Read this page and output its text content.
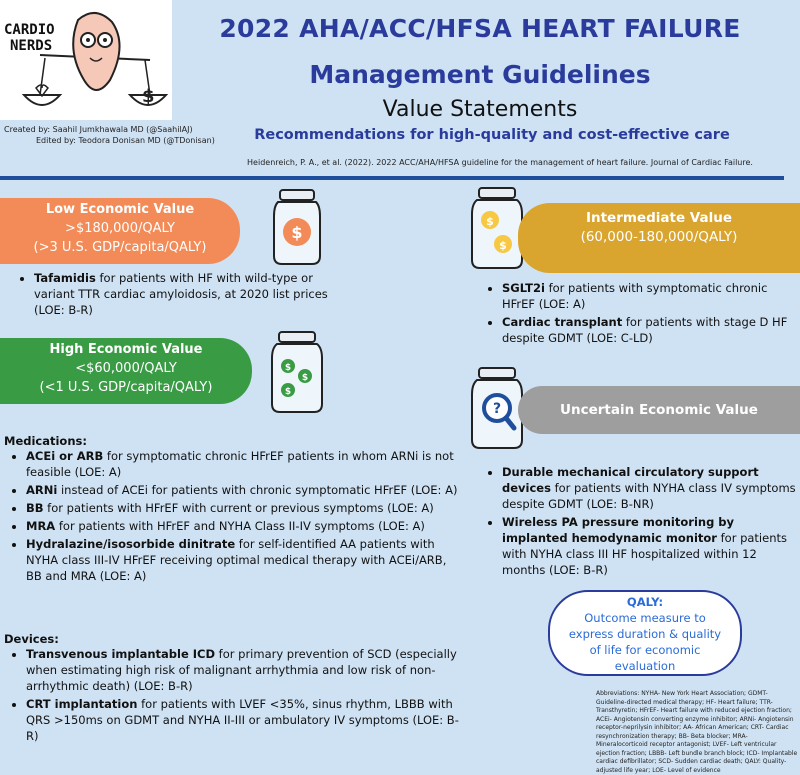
$
CARDIO
NERDS
Created by: Saahil Jumkhawala MD (@SaahilAJ)
Edited by: Teodora Donisan MD (@TDonisan)
2022 AHA/ACC/HFSA HEART FAILURE
Management Guidelines
Value Statements
Recommendations for high-quality and cost-effective care
Heidenreich, P. A., et al. (2022). 2022 ACC/AHA/HFSA guideline for the management of heart failure. Journal of Cardiac Failure.
Low Economic Value
>$180,000/QALY
(>3 U.S. GDP/capita/QALY)
$
• Tafamidis for patients with HF with wild-type or variant TTR cardiac amyloidosis, at 2020 list prices (LOE: B-R)
High Economic Value
<$60,000/QALY
(<1 U.S. GDP/capita/QALY)
$
$
$
Medications:
• ACEi or ARB for symptomatic chronic HFrEF patients in whom ARNi is not feasible (LOE: A)
• ARNi instead of ACEi for patients with chronic symptomatic HFrEF (LOE: A)
• BB for patients with HFrEF with current or previous symptoms (LOE: A)
• MRA for patients with HFrEF and NYHA Class II-IV symptoms (LOE: A)
• Hydralazine/isosorbide dinitrate for self-identified AA patients with NYHA class III-IV HFrEF receiving optimal medical therapy with ACEi/ARB, BB and MRA (LOE: A)
Devices:
• Transvenous implantable ICD for primary prevention of SCD (especially when estimating high risk of malignant arrhythmia and low risk of non-arrhythmic death) (LOE: B-R)
• CRT implantation for patients with LVEF <35%, sinus rhythm, LBBB with QRS >150ms on GDMT and NYHA II-III or ambulatory IV symptoms (LOE: B-R)
$
$
Intermediate Value
(60,000-180,000/QALY)
• SGLT2i for patients with symptomatic chronic HFrEF (LOE: A)
• Cardiac transplant for patients with stage D HF despite GDMT (LOE: C-LD)
?	Uncertain Economic Value
• Durable mechanical circulatory support devices for patients with NYHA class IV symptoms despite GDMT (LOE: B-NR)
• Wireless PA pressure monitoring by implanted hemodynamic monitor for patients with NYHA class III HF hospitalized within 12 months (LOE: B-R)
QALY:
Outcome measure to express duration & quality of life for economic evaluation
Abbreviations: NYHA- New York Heart Association; GDMT- Guideline-directed medical therapy; HF- Heart failure; TTR- Transthyretin; HFrEF- Heart failure with reduced ejection fraction; ACEi- Angiotensin converting enzyme inhibitor; ARNi- Angiotensin receptor-neprilysin inhibitor; AA- African American; CRT- Cardiac resynchronization therapy; BB- Beta blocker; MRA- Mineralocorticoid receptor antagonist; LVEF- Left ventricular ejection fraction; LBBB- Left bundle branch block; ICD- Implantable cardiac defibrillator; SCD- Sudden cardiac death; QALY: Quality-adjusted life year; LOE- Level of evidence
